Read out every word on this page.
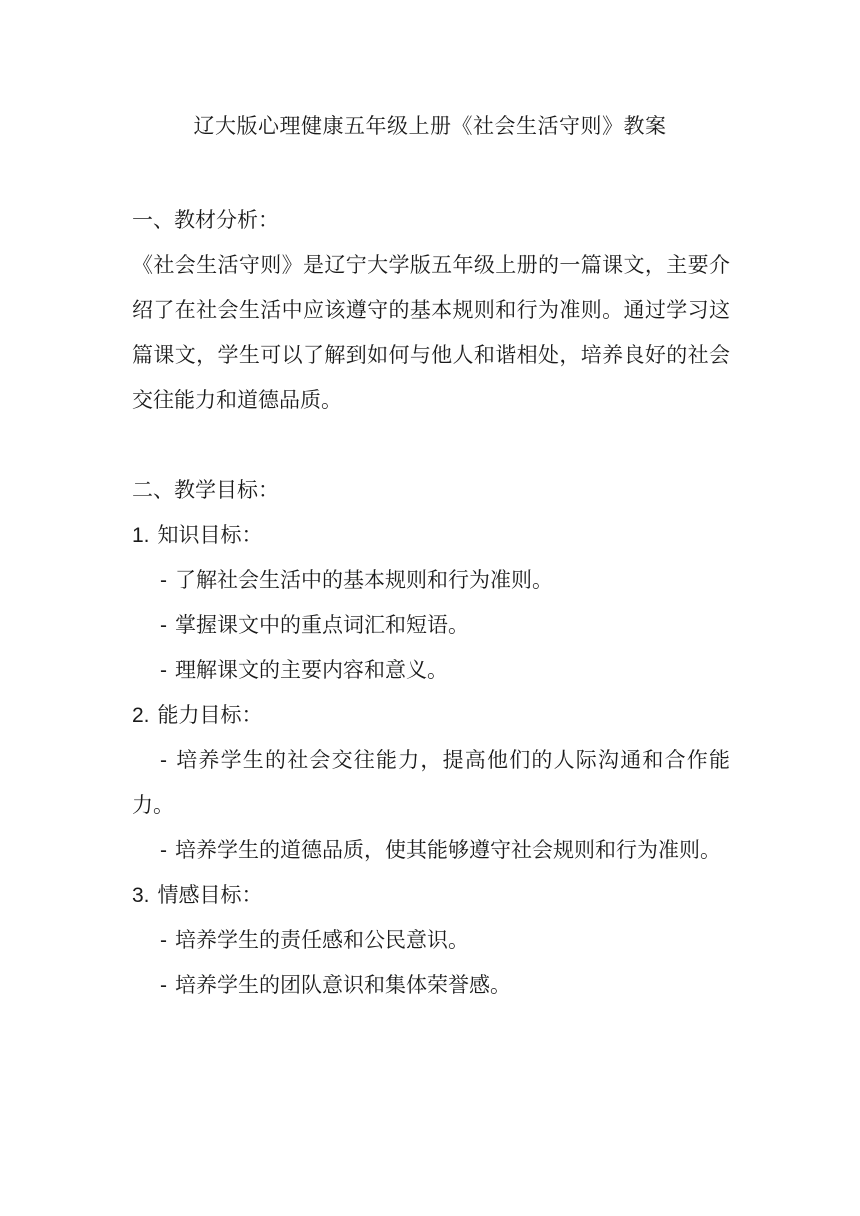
辽大版心理健康五年级上册《社会生活守则》教案
一、教材分析：

《社会生活守则》是辽宁大学版五年级上册的一篇课文，主要介绍了在社会生活中应该遵守的基本规则和行为准则。通过学习这篇课文，学生可以了解到如何与他人和谐相处，培养良好的社会交往能力和道德品质。

二、教学目标：

1. 知识目标：

- 了解社会生活中的基本规则和行为准则。

- 掌握课文中的重点词汇和短语。

- 理解课文的主要内容和意义。

2. 能力目标：

- 培养学生的社会交往能力，提高他们的人际沟通和合作能力。

- 培养学生的道德品质，使其能够遵守社会规则和行为准则。

3. 情感目标：

- 培养学生的责任感和公民意识。

- 培养学生的团队意识和集体荣誉感。
